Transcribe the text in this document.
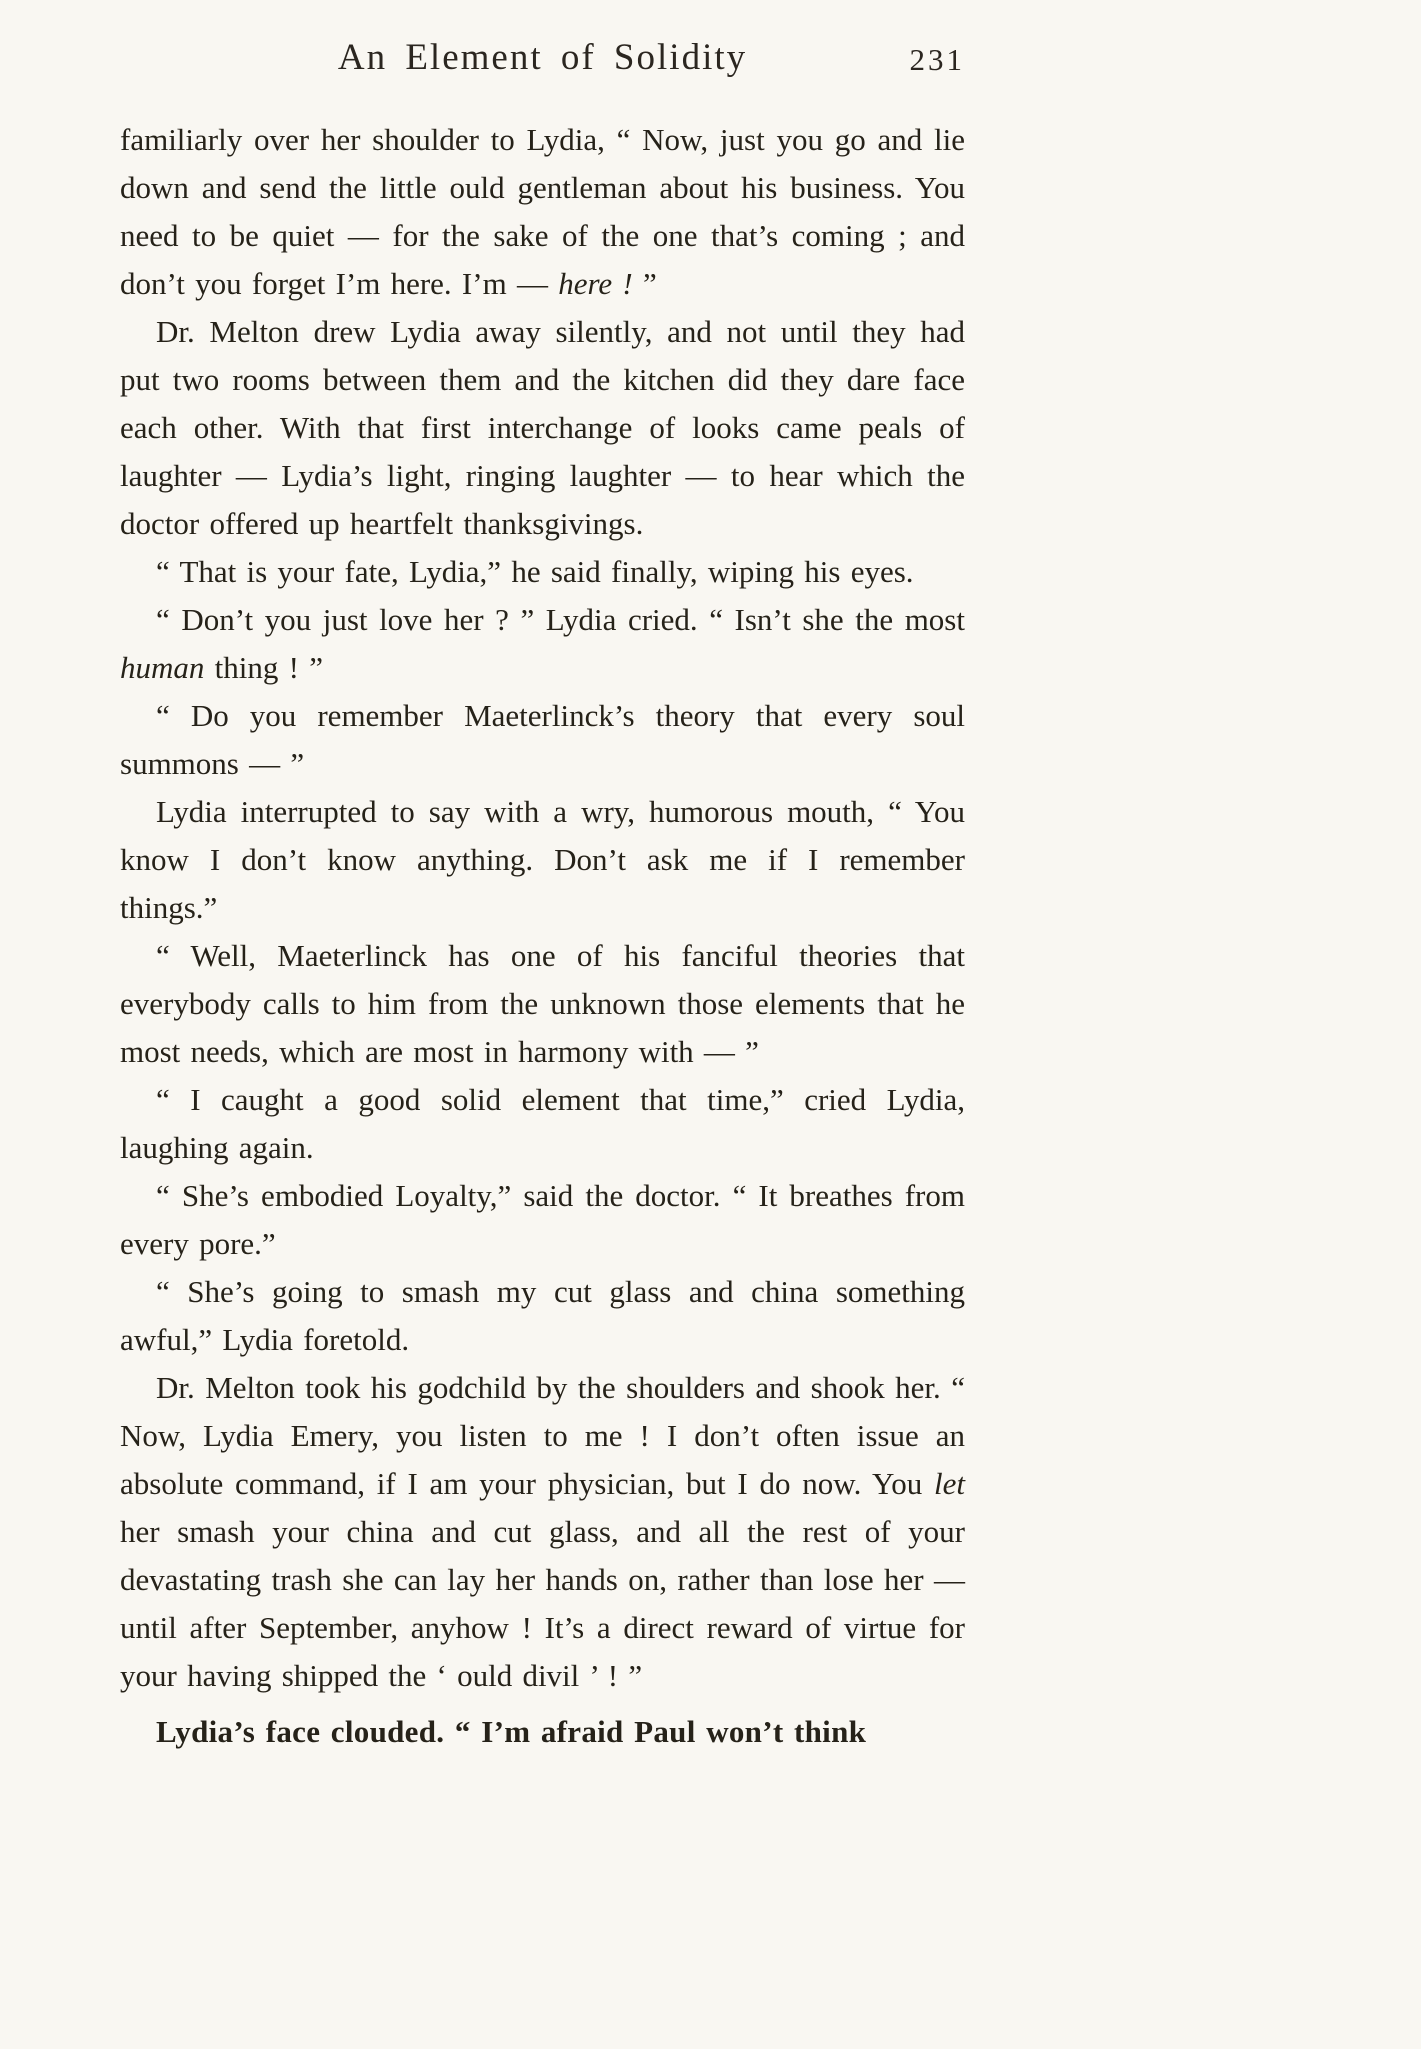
An Element of Solidity	231

familiarly over her shoulder to Lydia, “ Now, just you go and lie down and send the little ould gentleman about his business. You need to be quiet — for the sake of the one that’s coming ; and don’t you forget I’m here. I’m — here ! ”

Dr. Melton drew Lydia away silently, and not until they had put two rooms between them and the kitchen did they dare face each other. With that first interchange of looks came peals of laughter — Lydia’s light, ringing laughter — to hear which the doctor offered up heartfelt thanksgivings.

“ That is your fate, Lydia,” he said finally, wiping his eyes.

“ Don’t you just love her ? ” Lydia cried. “ Isn’t she the most human thing ! ”

“ Do you remember Maeterlinck’s theory that every soul summons — ”

Lydia interrupted to say with a wry, humorous mouth, “ You know I don’t know anything. Don’t ask me if I remember things.”

“ Well, Maeterlinck has one of his fanciful theories that everybody calls to him from the unknown those elements that he most needs, which are most in harmony with — ”

“ I caught a good solid element that time,” cried Lydia, laughing again.

“ She’s embodied Loyalty,” said the doctor. “ It breathes from every pore.”

“ She’s going to smash my cut glass and china something awful,” Lydia foretold.

Dr. Melton took his godchild by the shoulders and shook her. “ Now, Lydia Emery, you listen to me ! I don’t often issue an absolute command, if I am your physician, but I do now. You let her smash your china and cut glass, and all the rest of your devastating trash she can lay her hands on, rather than lose her — until after September, anyhow ! It’s a direct reward of virtue for your having shipped the ‘ ould divil ’ ! ”

Lydia’s face clouded. “ I’m afraid Paul won’t think
